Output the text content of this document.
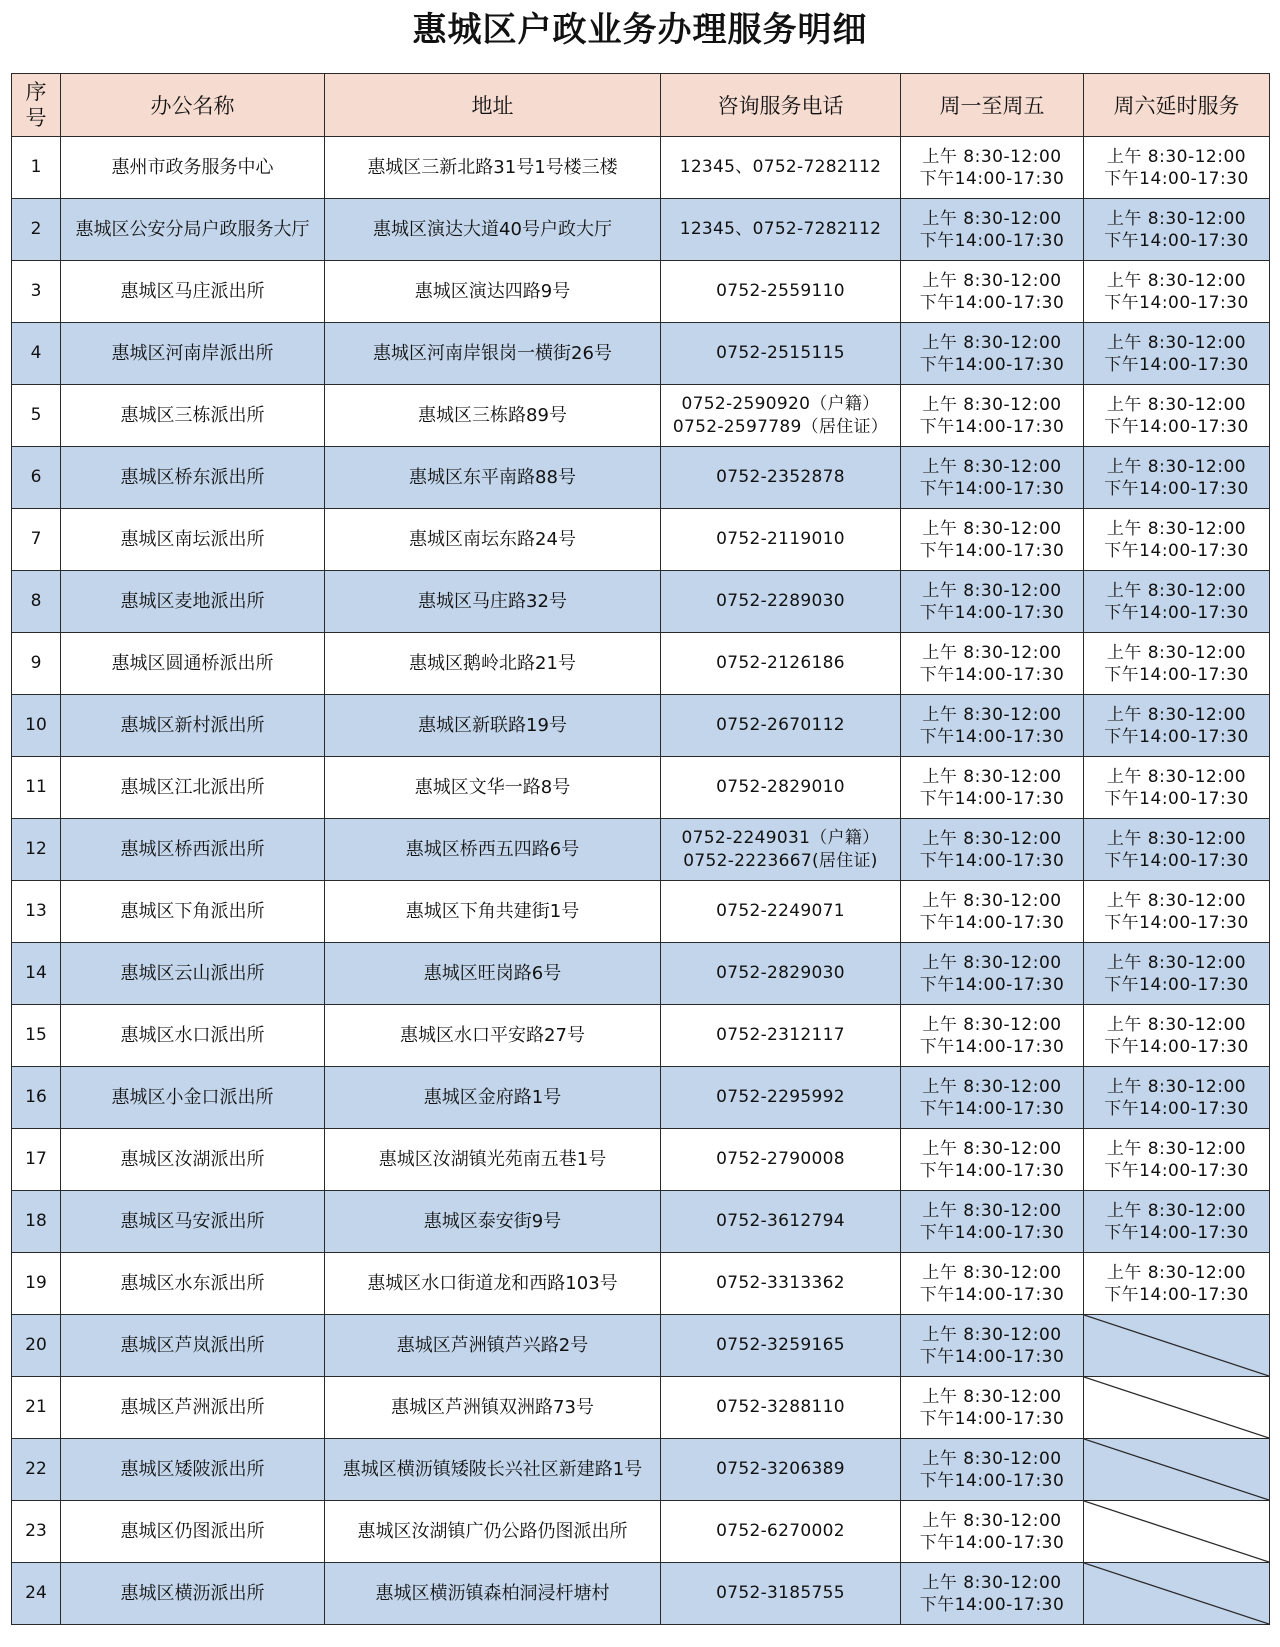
惠城区户政业务办理服务明细
序
号	办公名称	地址	咨询服务电话	周一至周五	周六延时服务
1	惠州市政务服务中心	惠城区三新北路31号1号楼三楼	12345、0752-7282112	上午 8:30-12:00
下午14:00-17:30	上午 8:30-12:00
下午14:00-17:30

2	惠城区公安分局户政服务大厅	惠城区演达大道40号户政大厅	12345、0752-7282112	上午 8:30-12:00
下午14:00-17:30	上午 8:30-12:00
下午14:00-17:30

3	惠城区马庄派出所	惠城区演达四路9号	0752-2559110	上午 8:30-12:00
下午14:00-17:30	上午 8:30-12:00
下午14:00-17:30

4	惠城区河南岸派出所	惠城区河南岸银岗一横街26号	0752-2515115	上午 8:30-12:00
下午14:00-17:30	上午 8:30-12:00
下午14:00-17:30

5	惠城区三栋派出所	惠城区三栋路89号	0752-2590920（户籍）
0752-2597789（居住证）	上午 8:30-12:00
下午14:00-17:30	上午 8:30-12:00
下午14:00-17:30

6	惠城区桥东派出所	惠城区东平南路88号	0752-2352878	上午 8:30-12:00
下午14:00-17:30	上午 8:30-12:00
下午14:00-17:30

7	惠城区南坛派出所	惠城区南坛东路24号	0752-2119010	上午 8:30-12:00
下午14:00-17:30	上午 8:30-12:00
下午14:00-17:30

8	惠城区麦地派出所	惠城区马庄路32号	0752-2289030	上午 8:30-12:00
下午14:00-17:30	上午 8:30-12:00
下午14:00-17:30

9	惠城区圆通桥派出所	惠城区鹅岭北路21号	0752-2126186	上午 8:30-12:00
下午14:00-17:30	上午 8:30-12:00
下午14:00-17:30

10	惠城区新村派出所	惠城区新联路19号	0752-2670112	上午 8:30-12:00
下午14:00-17:30	上午 8:30-12:00
下午14:00-17:30

11	惠城区江北派出所	惠城区文华一路8号	0752-2829010	上午 8:30-12:00
下午14:00-17:30	上午 8:30-12:00
下午14:00-17:30

12	惠城区桥西派出所	惠城区桥西五四路6号	0752-2249031（户籍）
0752-2223667(居住证)	上午 8:30-12:00
下午14:00-17:30	上午 8:30-12:00
下午14:00-17:30

13	惠城区下角派出所	惠城区下角共建街1号	0752-2249071	上午 8:30-12:00
下午14:00-17:30	上午 8:30-12:00
下午14:00-17:30

14	惠城区云山派出所	惠城区旺岗路6号	0752-2829030	上午 8:30-12:00
下午14:00-17:30	上午 8:30-12:00
下午14:00-17:30

15	惠城区水口派出所	惠城区水口平安路27号	0752-2312117	上午 8:30-12:00
下午14:00-17:30	上午 8:30-12:00
下午14:00-17:30

16	惠城区小金口派出所	惠城区金府路1号	0752-2295992	上午 8:30-12:00
下午14:00-17:30	上午 8:30-12:00
下午14:00-17:30

17	惠城区汝湖派出所	惠城区汝湖镇光苑南五巷1号	0752-2790008	上午 8:30-12:00
下午14:00-17:30	上午 8:30-12:00
下午14:00-17:30

18	惠城区马安派出所	惠城区泰安街9号	0752-3612794	上午 8:30-12:00
下午14:00-17:30	上午 8:30-12:00
下午14:00-17:30

19	惠城区水东派出所	惠城区水口街道龙和西路103号	0752-3313362	上午 8:30-12:00
下午14:00-17:30	上午 8:30-12:00
下午14:00-17:30

20	惠城区芦岚派出所	惠城区芦洲镇芦兴路2号	0752-3259165	上午 8:30-12:00
下午14:00-17:30

21	惠城区芦洲派出所	惠城区芦洲镇双洲路73号	0752-3288110	上午 8:30-12:00
下午14:00-17:30

22	惠城区矮陂派出所	惠城区横沥镇矮陂长兴社区新建路1号	0752-3206389	上午 8:30-12:00
下午14:00-17:30

23	惠城区仍图派出所	惠城区汝湖镇广仍公路仍图派出所	0752-6270002	上午 8:30-12:00
下午14:00-17:30

24	惠城区横沥派出所	惠城区横沥镇森柏洞浸杆塘村	0752-3185755	上午 8:30-12:00
下午14:00-17:30
